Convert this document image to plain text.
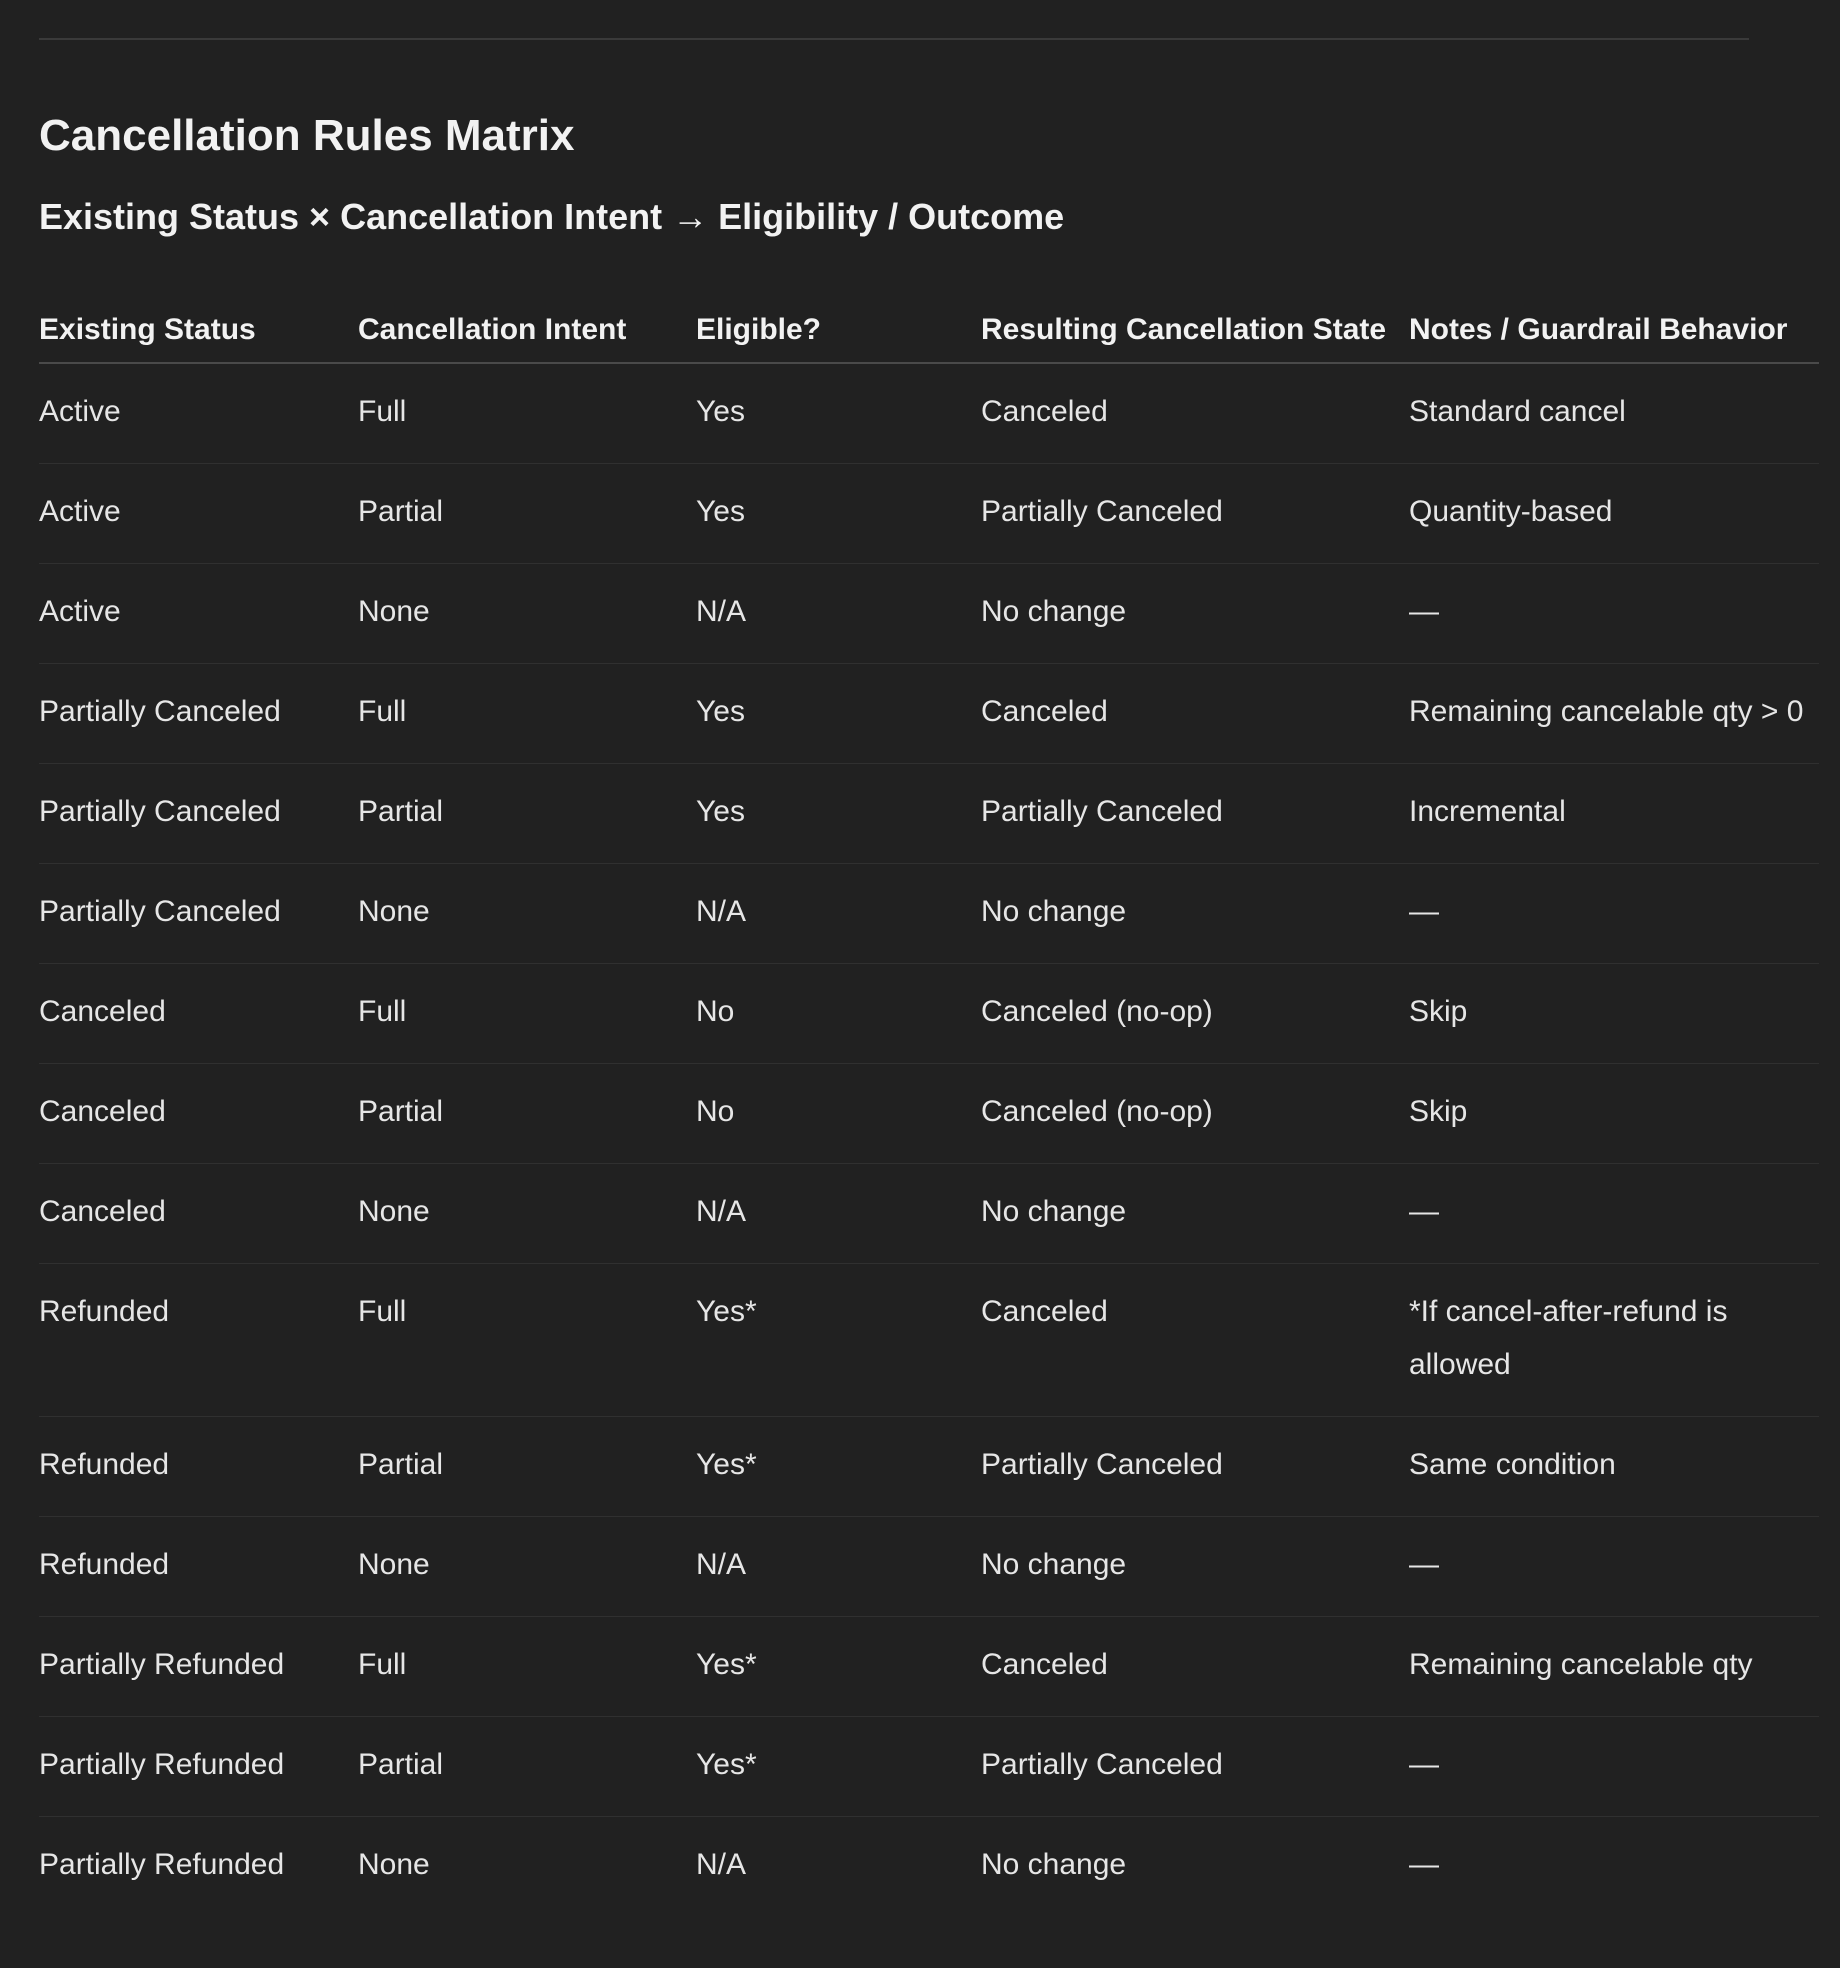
Cancellation Rules Matrix
Existing Status × Cancellation Intent → Eligibility / Outcome
Existing Status	Cancellation Intent	Eligible?	Resulting Cancellation State	Notes / Guardrail Behavior
Active	Full	Yes	Canceled	Standard cancel
Active	Partial	Yes	Partially Canceled	Quantity-based
Active	None	N/A	No change	—
Partially Canceled	Full	Yes	Canceled	Remaining cancelable qty > 0
Partially Canceled	Partial	Yes	Partially Canceled	Incremental
Partially Canceled	None	N/A	No change	—
Canceled	Full	No	Canceled (no-op)	Skip
Canceled	Partial	No	Canceled (no-op)	Skip
Canceled	None	N/A	No change	—
Refunded	Full	Yes*	Canceled	*If cancel-after-refund is allowed
Refunded	Partial	Yes*	Partially Canceled	Same condition
Refunded	None	N/A	No change	—
Partially Refunded	Full	Yes*	Canceled	Remaining cancelable qty
Partially Refunded	Partial	Yes*	Partially Canceled	—
Partially Refunded	None	N/A	No change	—
